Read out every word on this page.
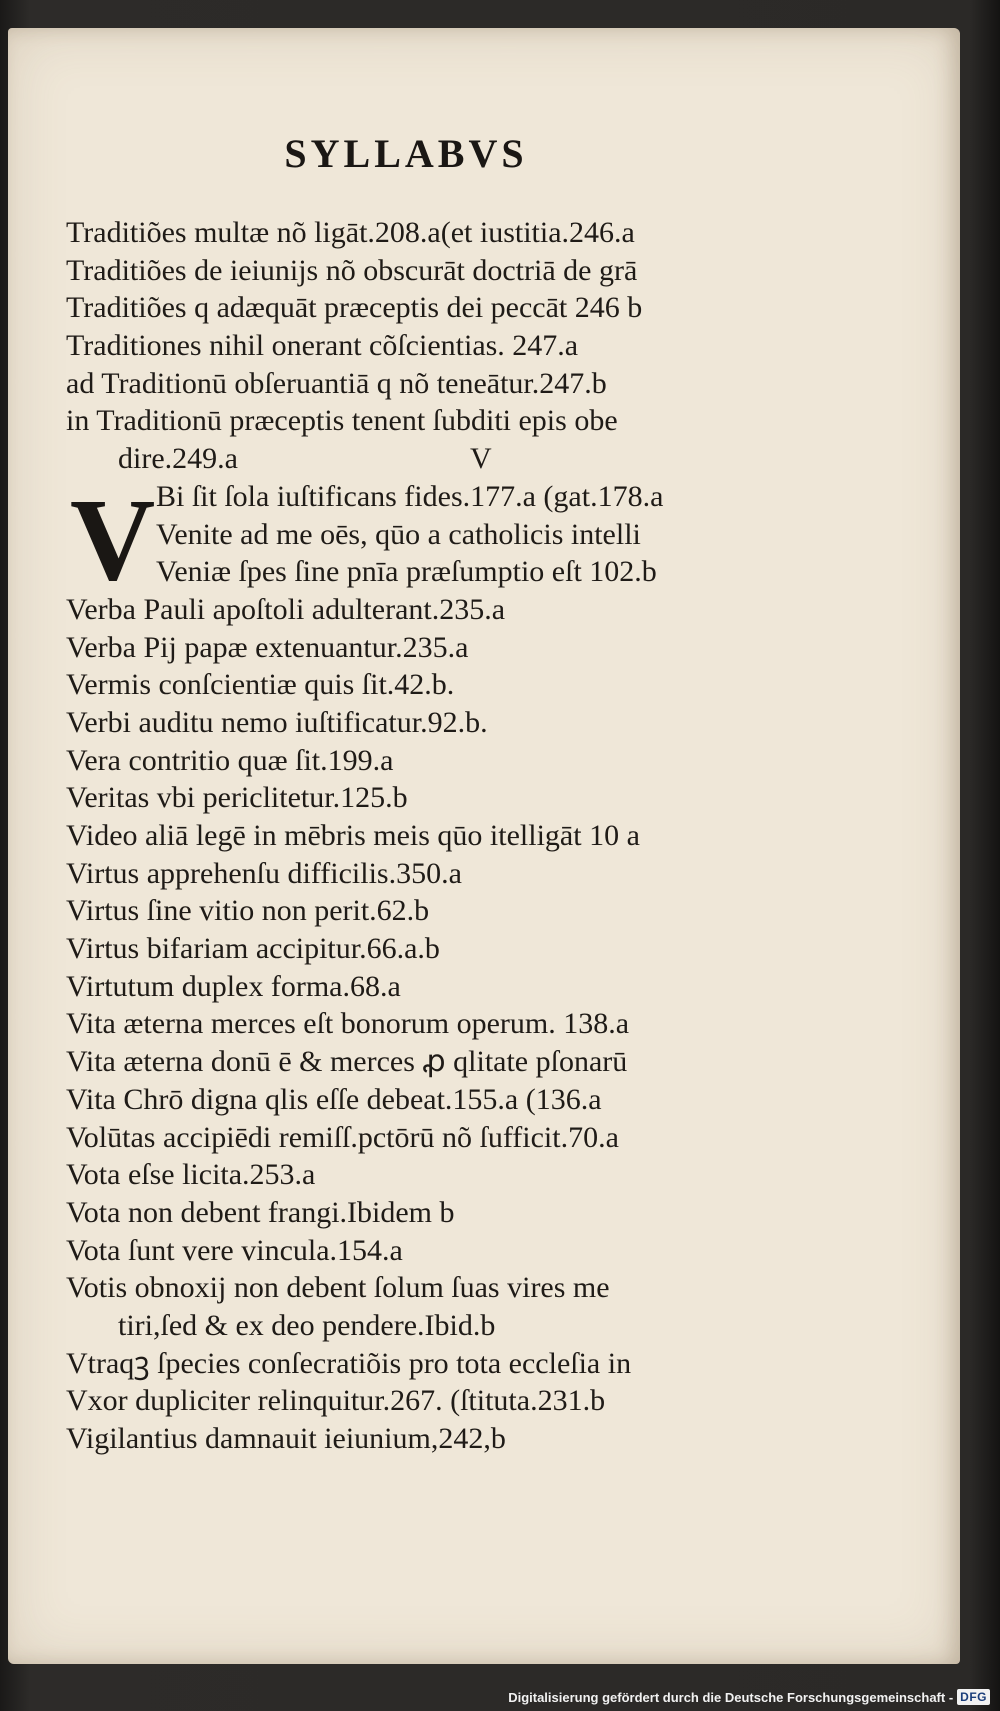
SYLLABVS
V
Traditiões multæ nõ ligāt.208.a(et iustitia.246.a
Traditiões de ieiunijs nõ obscurāt doctriā de grā
Traditiões q adæquāt præceptis dei peccāt 246 b
Traditiones nihil onerant cõſcientias. 247.a
ad Traditionū obſeruantiā q nõ teneātur.247.b
in Traditionū præceptis tenent ſubditi epis obe
dire.249.a	V
Bi ſit ſola iuſtificans fides.177.a (gat.178.a
Venite ad me oēs, qūo a catholicis intelli
Veniæ ſpes ſine pnīa præſumptio eſt 102.b
Verba Pauli apoſtoli adulterant.235.a
Verba Pij papæ extenuantur.235.a
Vermis conſcientiæ quis ſit.42.b.
Verbi auditu nemo iuſtificatur.92.b.
Vera contritio quæ ſit.199.a
Veritas vbi periclitetur.125.b
Video aliā legē in mēbris meis qūo itelligāt 10 a
Virtus apprehenſu difficilis.350.a
Virtus ſine vitio non perit.62.b
Virtus bifariam accipitur.66.a.b
Virtutum duplex forma.68.a
Vita æterna merces eſt bonorum operum. 138.a
Vita æterna donū ē & merces ꝓ qlitate pſonarū
Vita Chrō digna qlis eſſe debeat.155.a (136.a
Volūtas accipiēdi remiſſ.pctōrū nõ ſufficit.70.a
Vota eſse licita.253.a
Vota non debent frangi.Ibidem b
Vota ſunt vere vincula.154.a
Votis obnoxij non debent ſolum ſuas vires me
tiri,ſed & ex deo pendere.Ibid.b
Vtraqꝫ ſpecies conſecratiõis pro tota eccleſia in
Vxor dupliciter relinquitur.267. (ſtituta.231.b
Vigilantius damnauit ieiunium,242,b
Digitalisierung gefördert durch die Deutsche Forschungsgemeinschaft - DFG
